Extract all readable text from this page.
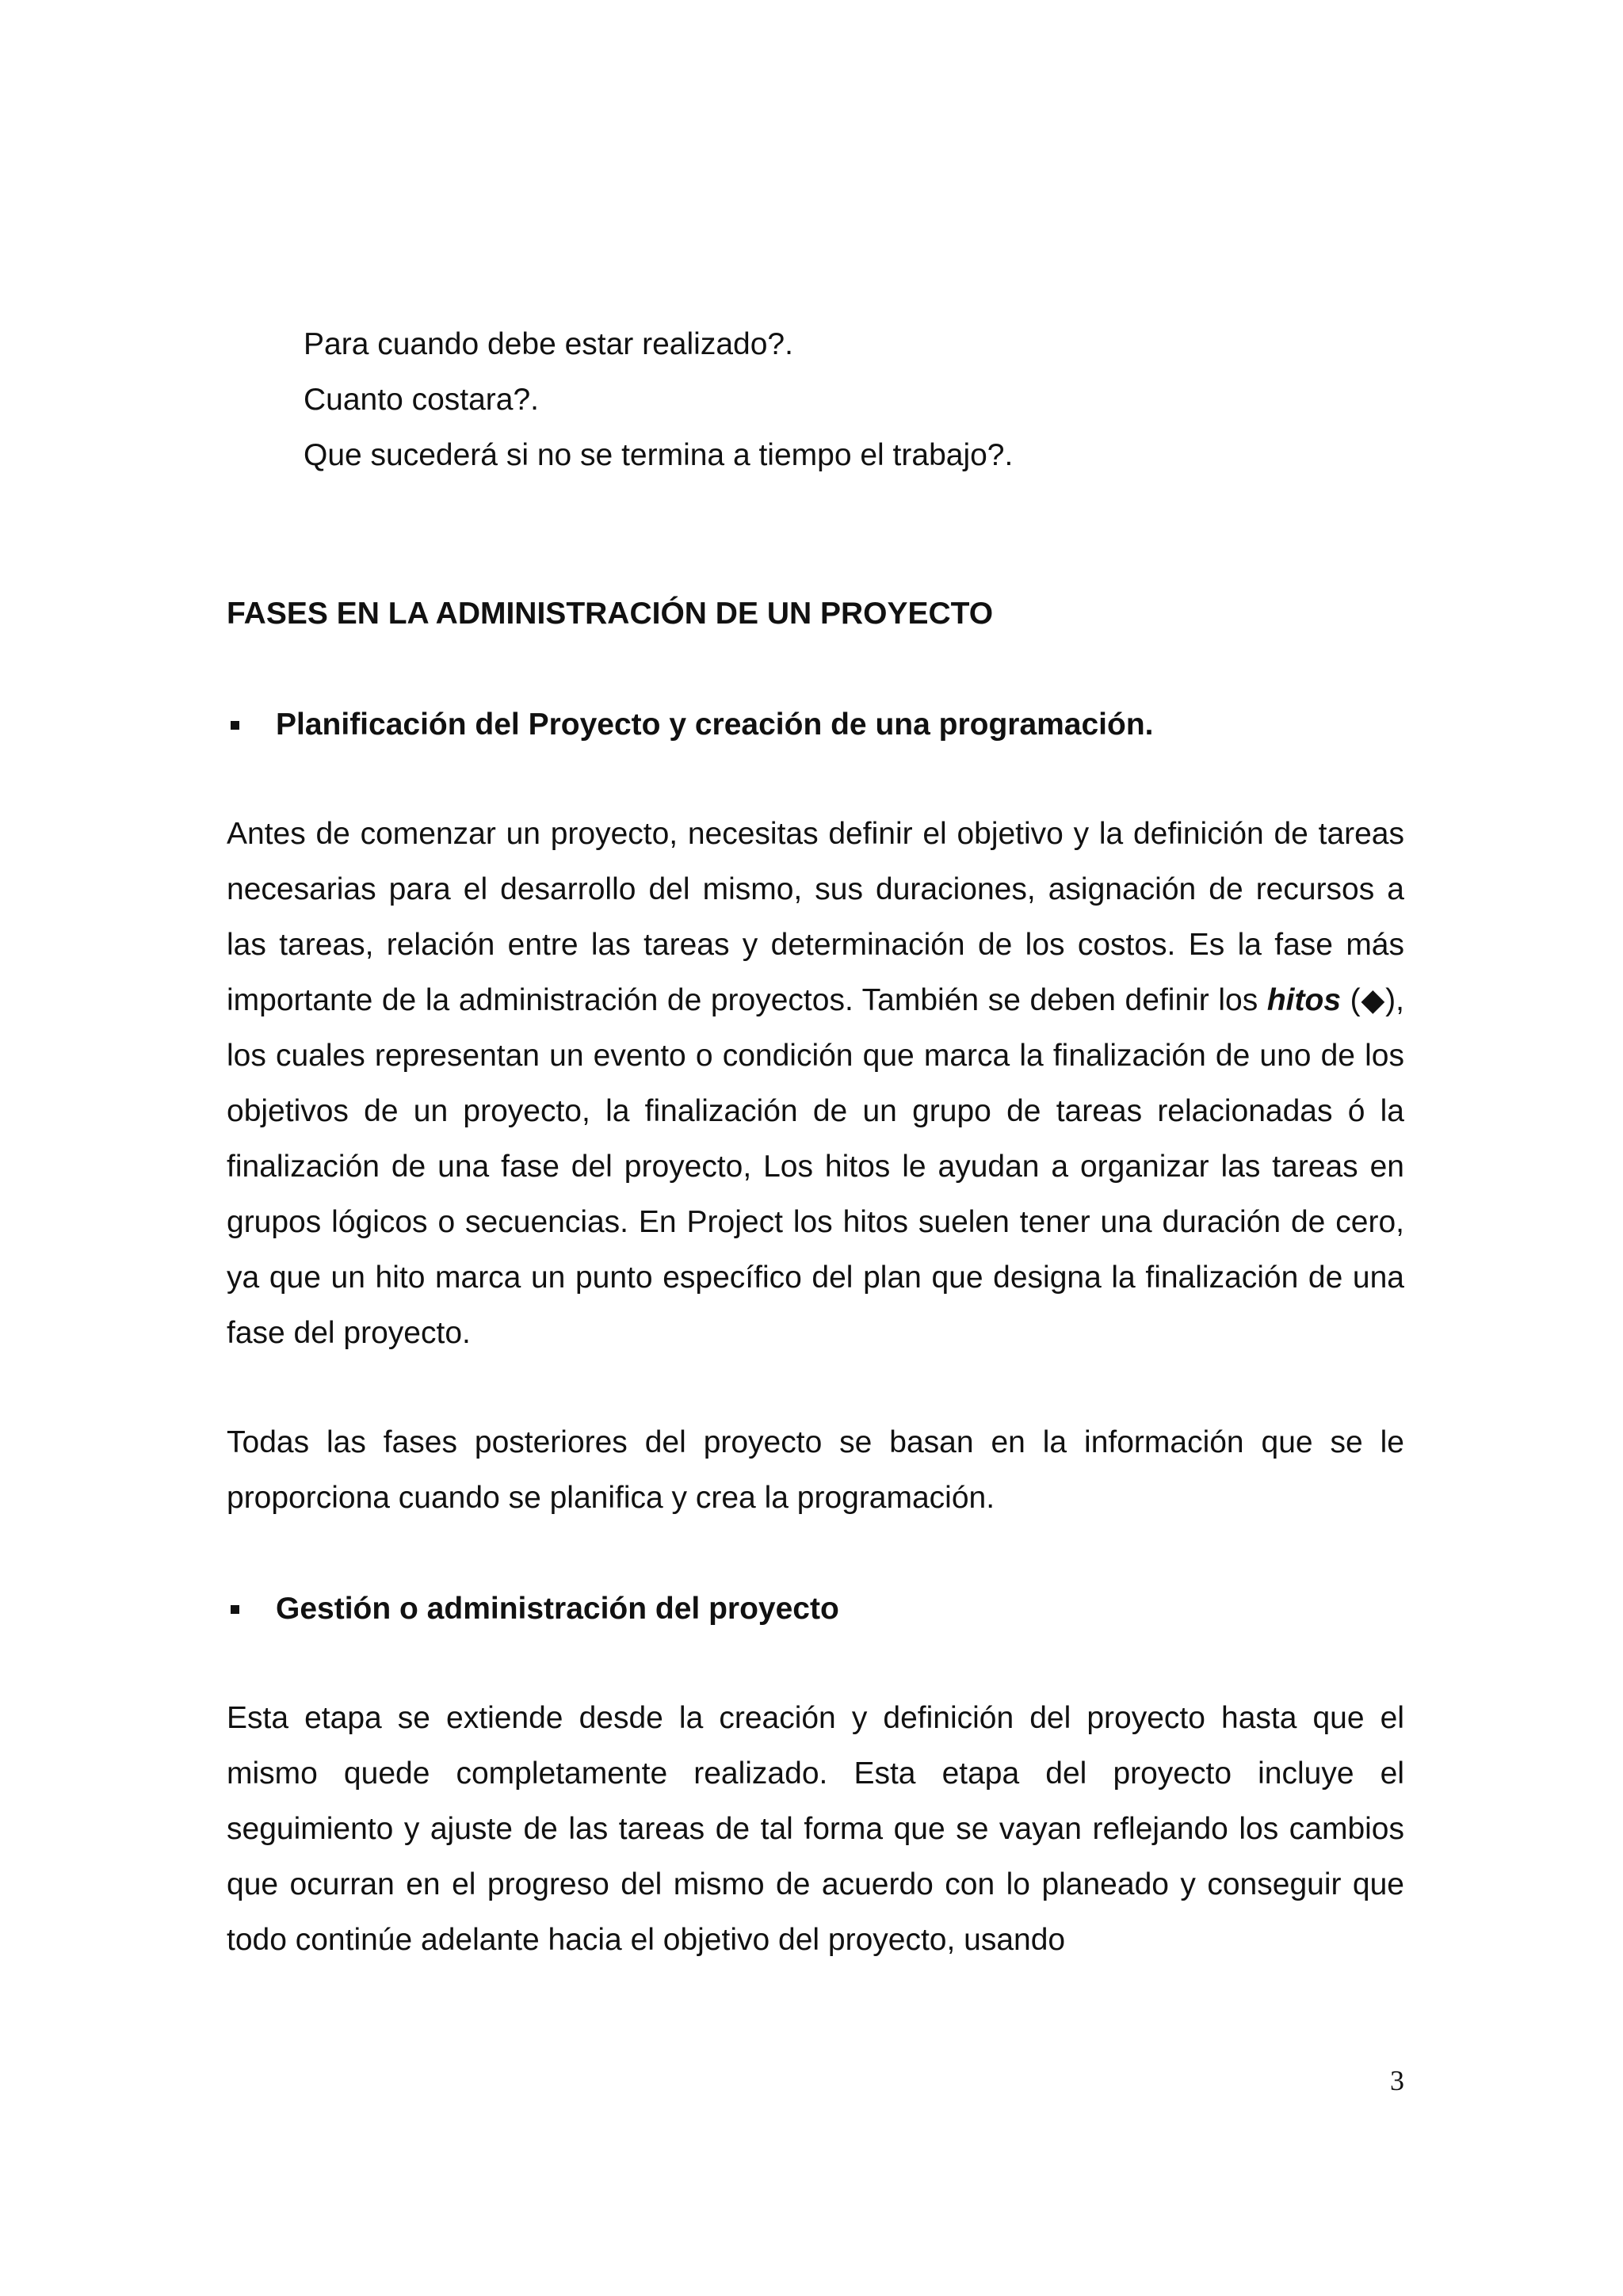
Para cuando debe estar realizado?.
Cuanto costara?.
Que sucederá si no se termina a tiempo el trabajo?.
FASES EN LA ADMINISTRACIÓN DE UN PROYECTO
Planificación del Proyecto y creación de una programación.

Antes de comenzar un proyecto, necesitas definir el objetivo y la definición de tareas necesarias para el desarrollo del mismo, sus duraciones, asignación de recursos a las tareas, relación entre las tareas y determinación de los costos. Es la fase más importante de la administración de proyectos. También se deben definir los hitos (◆), los cuales representan un evento o condición que marca la finalización de uno de los objetivos de un proyecto, la finalización de un grupo de tareas relacionadas ó la finalización de una fase del proyecto, Los hitos le ayudan a organizar las tareas en grupos lógicos o secuencias. En Project los hitos suelen tener una duración de cero, ya que un hito marca un punto específico del plan que designa la finalización de una fase del proyecto.

Todas las fases posteriores del proyecto se basan en la información que se le proporciona cuando se planifica y crea la programación.

Gestión o administración del proyecto

Esta etapa se extiende desde la creación y definición del proyecto hasta que el mismo quede completamente realizado. Esta etapa del proyecto incluye el seguimiento y ajuste de las tareas de tal forma que se vayan reflejando los cambios que ocurran en el progreso del mismo de acuerdo con lo planeado y conseguir que todo continúe adelante hacia el objetivo del proyecto, usando

3
